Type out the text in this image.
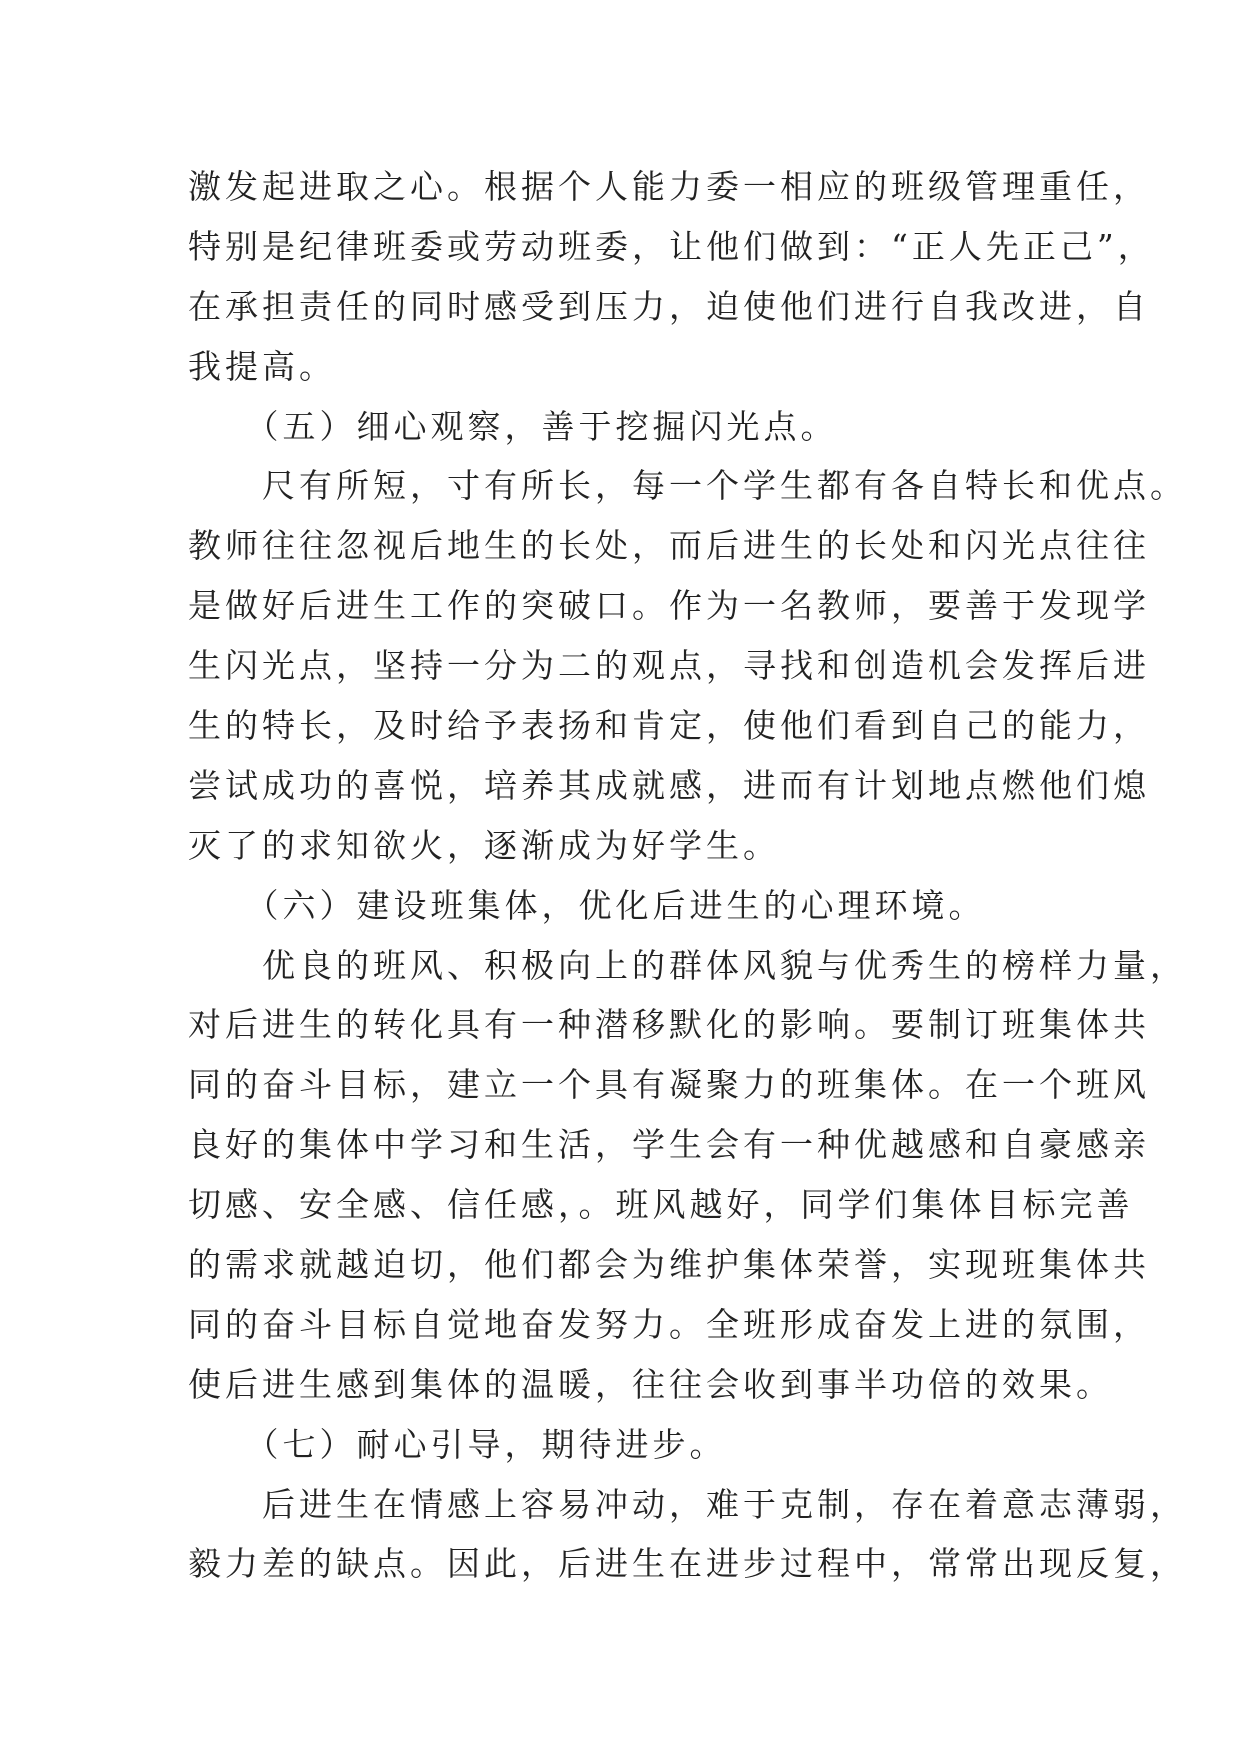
激发起进取之心。根据个人能力委一相应的班级管理重任，
特别是纪律班委或劳动班委，让他们做到：“正人先正己”，
在承担责任的同时感受到压力，迫使他们进行自我改进，自
我提高。
　　（五）细心观察，善于挖掘闪光点。
　　尺有所短，寸有所长，每一个学生都有各自特长和优点。
教师往往忽视后地生的长处，而后进生的长处和闪光点往往
是做好后进生工作的突破口。作为一名教师，要善于发现学
生闪光点，坚持一分为二的观点，寻找和创造机会发挥后进
生的特长，及时给予表扬和肯定，使他们看到自己的能力，
尝试成功的喜悦，培养其成就感，进而有计划地点燃他们熄
灭了的求知欲火，逐渐成为好学生。
　　（六）建设班集体，优化后进生的心理环境。
　　优良的班风、积极向上的群体风貌与优秀生的榜样力量，
对后进生的转化具有一种潜移默化的影响。要制订班集体共
同的奋斗目标，建立一个具有凝聚力的班集体。在一个班风
良好的集体中学习和生活，学生会有一种优越感和自豪感亲
切感、安全感、信任感，。班风越好，同学们集体目标完善
的需求就越迫切，他们都会为维护集体荣誉，实现班集体共
同的奋斗目标自觉地奋发努力。全班形成奋发上进的氛围，
使后进生感到集体的温暖，往往会收到事半功倍的效果。
　　（七）耐心引导，期待进步。
　　后进生在情感上容易冲动，难于克制，存在着意志薄弱，
毅力差的缺点。因此，后进生在进步过程中，常常出现反复，
